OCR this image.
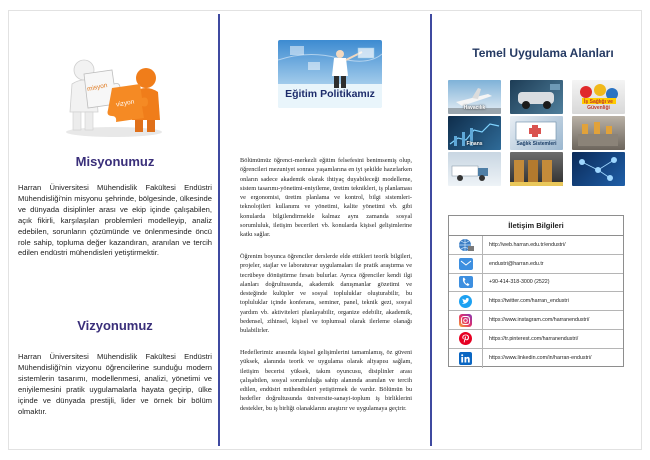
misyon
vizyon
Misyonumuz
Harran Üniversitesi Mühendislik Fakültesi Endüstri Mühendisliği'nin misyonu şehrinde, bölgesinde, ülkesinde ve dünyada disiplinler arası ve ekip içinde çalışabilen, açık fikirli, karşılaşılan problemleri modelleyip, analiz edebilen, sorunların çözümünde ve önlenmesinde öncü role sahip, topluma değer kazandıran, aranılan ve tercih edilen endüstri mühendisleri yetiştirmektir.
Vizyonumuz
Harran Üniversitesi Mühendislik Fakültesi Endüstri Mühendisliği'nin vizyonu öğrencilerine sunduğu modern sistemlerin tasarımı, modellenmesi, analizi, yönetimi ve eniyilemesini pratik uygulamalarla hayata geçirip, ülke içinde ve dünyada prestijli, lider ve örnek bir bölüm olmaktır.
Eğitim Politikamız
Bölümümüz öğrenci-merkezli eğitim felsefesini benimsemiş olup, öğrencileri mezuniyet sonrası yaşamlarına en iyi şekilde hazırlarken onların sadece akademik olarak ihtiyaç duyabileceği modelleme, sistem tasarımı-yönetimi-eniyileme, üretim teknikleri, iş planlaması ve ergonomisi, üretim planlama ve kontrol, bilgi sistemleri-teknolojileri kullanımı ve yönetimi, kalite yönetimi vb. gibi konularda bilgilendirmekle kalmaz aynı zamanda sosyal sorumluluk, iletişim becerileri vb. konularda kişisel gelişimlerine katkı sağlar.
Öğrenim boyunca öğrenciler derslerde elde ettikleri teorik bilgileri, projeler, stajlar ve laboratuvar uygulamaları ile pratik araştırma ve tecrübeye dönüştürme fırsatı bulurlar. Ayrıca öğrenciler kendi ilgi alanları doğrultusunda, akademik danışmanlar gözetimi ve desteğinde kulüpler ve sosyal topluluklar oluşturabilir, bu topluluklar içinde konferans, seminer, panel, teknik gezi, sosyal yardım vb. aktiviteleri planlayabilir, organize edebilir, akademik, bedensel, zihinsel, kişisel ve toplumsal olarak ilerleme olanağı bulabilirler.
Hedeflerimiz arasında kişisel gelişimlerini tamamlamış, öz güveni yüksek, alanında teorik ve uygulama olarak altyapısı sağlam, iletişim becerisi yüksek, takım oyuncusu, disiplinler arası çalışabilen, sosyal sorumluluğa sahip alanında aranılan ve tercih edilen, endüstri mühendisleri yetiştirmek de vardır. Bölümün bu hedefler doğrultusunda üniversite-sanayi-toplum iş birliklerini destekler, bu iş birliği olanaklarını araştırır ve uygulamaya geçirir.
Temel Uygulama Alanları
Havacılık
İş Sağlığı ve Güvenliği
Finans	Sağlık Sistemleri
İletişim Bilgileri
http://web.harran.edu.tr/endustri/
endustri@harran.edu.tr
+90-414-318-3000 (2522)
https://twitter.com/harran_endustri
https://www.instagram.com/harranendustri/
https://tr.pinterest.com/harranendustri/
https://www.linkedin.com/in/harran-endustri/
